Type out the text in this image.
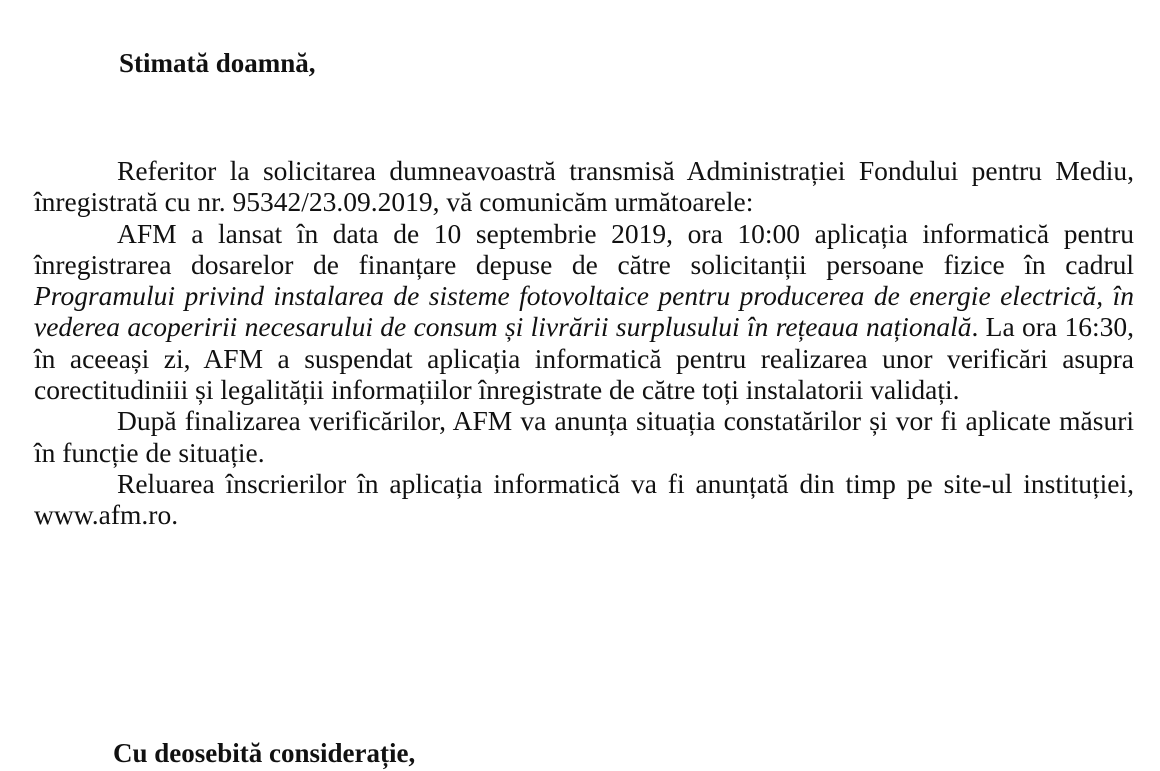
Stimată doamnă,

Referitor la solicitarea dumneavoastră transmisă Administrației Fondului pentru Mediu, înregistrată cu nr. 95342/23.09.2019, vă comunicăm următoarele:

AFM a lansat în data de 10 septembrie 2019, ora 10:00 aplicația informatică pentru înregistrarea dosarelor de finanțare depuse de către solicitanții persoane fizice în cadrul Programului privind instalarea de sisteme fotovoltaice pentru producerea de energie electrică, în vederea acoperirii necesarului de consum și livrării surplusului în rețeaua națională. La ora 16:30, în aceeași zi, AFM a suspendat aplicația informatică pentru realizarea unor verificări asupra corectitudiniii și legalității informațiilor înregistrate de către toți instalatorii validați.

După finalizarea verificărilor, AFM va anunța situația constatărilor și vor fi aplicate măsuri în funcție de situație.

Reluarea înscrierilor în aplicația informatică va fi anunțată din timp pe site-ul instituției, www.afm.ro.

Cu deosebită considerație,
